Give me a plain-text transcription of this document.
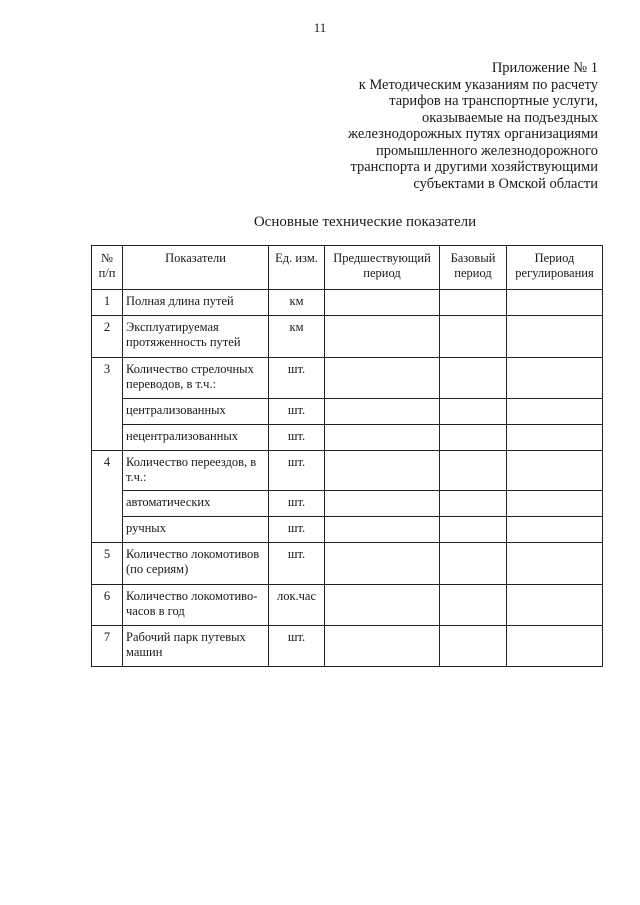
11
Приложение № 1
к Методическим указаниям по расчету
тарифов на транспортные услуги,
оказываемые на подъездных
железнодорожных путях организациями
промышленного железнодорожного
транспорта и другими хозяйствующими
субъектами в Омской области
Основные технические показатели
№ п/п	Показатели	Ед. изм.	Предшествующий период	Базовый период	Период регулирования
1	Полная длина путей	км			
2	Эксплуатируемая протяженность путей	км			
3	Количество стрелочных переводов, в т.ч.:	шт.			
	централизованных	шт.			
	нецентрализованных	шт.			
4	Количество переездов, в т.ч.:	шт.			
	автоматических	шт.			
	ручных	шт.			
5	Количество локомотивов (по сериям)	шт.			
6	Количество локомотиво-часов в год	лок.час			
7	Рабочий парк путевых машин	шт.			
